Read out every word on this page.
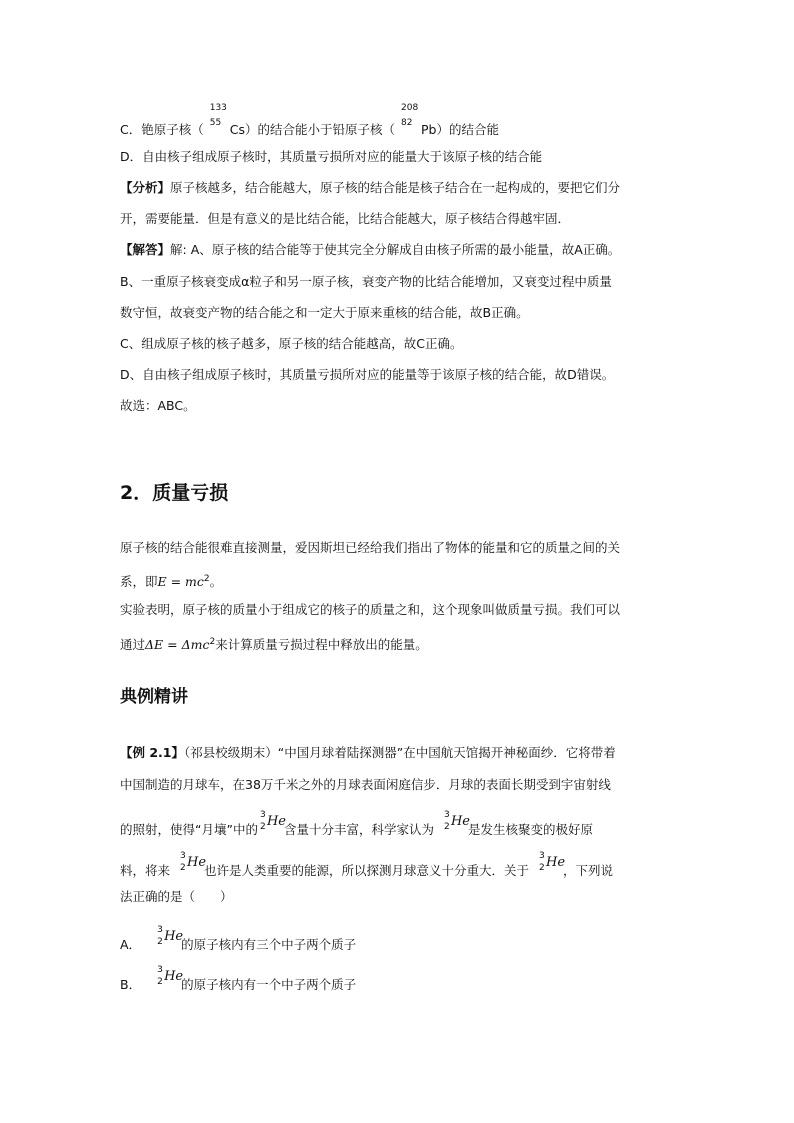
C．铯原子核（
133
55 Cs）的结合能小于铅原子核（
208
82 Pb）的结合能
D．自由核子组成原子核时，其质量亏损所对应的能量大于该原子核的结合能
【分析】原子核越多，结合能越大，原子核的结合能是核子结合在一起构成的，要把它们分
开，需要能量．但是有意义的是比结合能，比结合能越大，原子核结合得越牢固．
【解答】解: A、原子核的结合能等于使其完全分解成自由核子所需的最小能量，故A正确。
B、一重原子核衰变成α粒子和另一原子核，衰变产物的比结合能增加，又衰变过程中质量
数守恒，故衰变产物的结合能之和一定大于原来重核的结合能，故B正确。
C、组成原子核的核子越多，原子核的结合能越高，故C正确。
D、自由核子组成原子核时，其质量亏损所对应的能量等于该原子核的结合能，故D错误。
故选：ABC。
2．质量亏损
原子核的结合能很难直接测量，爱因斯坦已经给我们指出了物体的能量和它的质量之间的关
系，即$E = mc^2$。
实验表明，原子核的质量小于组成它的核子的质量之和，这个现象叫做质量亏损。我们可以
通过ΔE = Δmc$^2$来计算质量亏损过程中释放出的能量。
典例精讲
【例 2.1】（祁县校级期末）“中国月球着陆探测器”在中国航天馆揭开神秘面纱．它将带着
中国制造的月球车，在38万千米之外的月球表面闲庭信步．月球的表面长期受到宇宙射线
的照射，使得“月壤”中的
3
2 He
含量十分丰富，科学家认为
3
2 He
是发生核聚变的极好原
料，将来
3
2 He
也许是人类重要的能源，所以探测月球意义十分重大．关于
3
2 He
，下列说
法正确的是（　　）
A．
3
2 He
的原子核内有三个中子两个质子
B．
3
2 He
的原子核内有一个中子两个质子
